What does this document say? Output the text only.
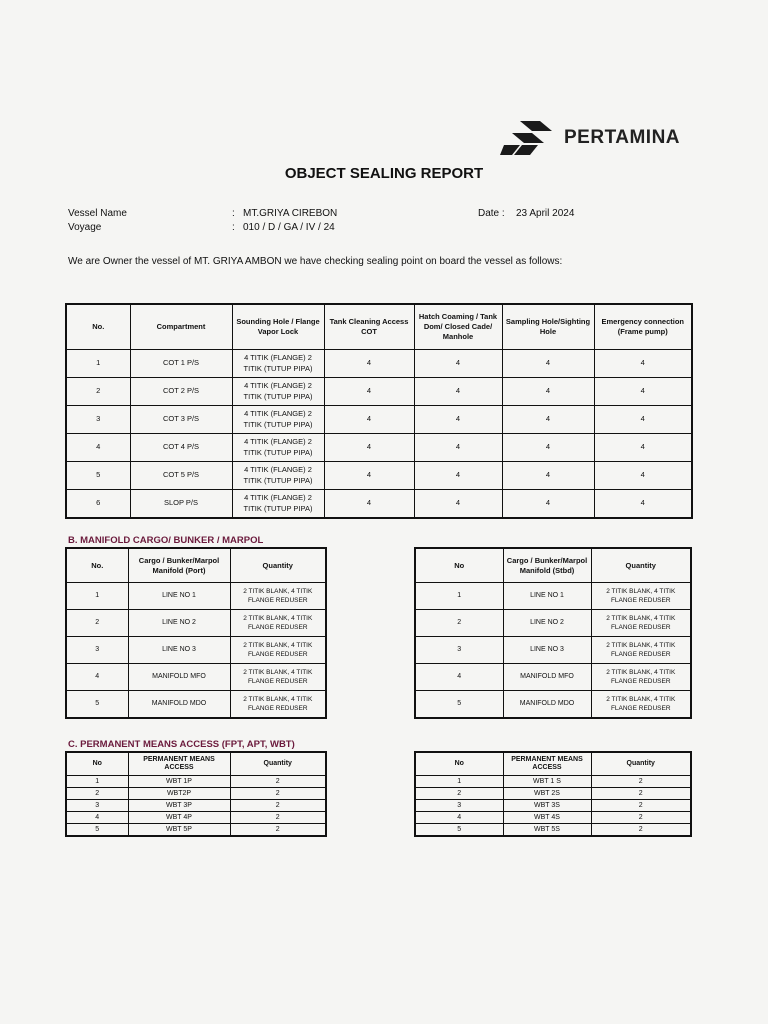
PERTAMINA
OBJECT SEALING REPORT
Vessel Name	: MT.GRIYA CIREBON
Voyage	: 010 / D / GA / IV / 24
Date : 23 April 2024
We are Owner the vessel of MT. GRIYA AMBON we have checking sealing point on board the vessel as follows:
No.	Compartment	Sounding Hole / Flange Vapor Lock	Tank Cleaning Access COT	Hatch Coaming / Tank Dom/ Closed Cade/ Manhole	Sampling Hole/Sighting Hole	Emergency connection (Frame pump)
1	COT 1 P/S	4 TITIK (FLANGE) 2 TITIK (TUTUP PIPA)	4	4	4	4
2	COT 2 P/S	4 TITIK (FLANGE) 2 TITIK (TUTUP PIPA)	4	4	4	4
3	COT 3 P/S	4 TITIK (FLANGE) 2 TITIK (TUTUP PIPA)	4	4	4	4
4	COT 4 P/S	4 TITIK (FLANGE) 2 TITIK (TUTUP PIPA)	4	4	4	4
5	COT 5 P/S	4 TITIK (FLANGE) 2 TITIK (TUTUP PIPA)	4	4	4	4
6	SLOP P/S	4 TITIK (FLANGE) 2 TITIK (TUTUP PIPA)	4	4	4	4
B. MANIFOLD CARGO/ BUNKER / MARPOL
No.	Cargo / Bunker/Marpol Manifold (Port)	Quantity
1	LINE NO 1	2 TITIK BLANK, 4 TITIK FLANGE REDUSER
2	LINE NO 2	2 TITIK BLANK, 4 TITIK FLANGE REDUSER
3	LINE NO 3	2 TITIK BLANK, 4 TITIK FLANGE REDUSER
4	MANIFOLD MFO	2 TITIK BLANK, 4 TITIK FLANGE REDUSER
5	MANIFOLD MDO	2 TITIK BLANK, 4 TITIK FLANGE REDUSER
No	Cargo / Bunker/Marpol Manifold (Stbd)	Quantity
1	LINE NO 1	2 TITIK BLANK, 4 TITIK FLANGE REDUSER
2	LINE NO 2	2 TITIK BLANK, 4 TITIK FLANGE REDUSER
3	LINE NO 3	2 TITIK BLANK, 4 TITIK FLANGE REDUSER
4	MANIFOLD MFO	2 TITIK BLANK, 4 TITIK FLANGE REDUSER
5	MANIFOLD MDO	2 TITIK BLANK, 4 TITIK FLANGE REDUSER
C. PERMANENT MEANS ACCESS (FPT, APT, WBT)
No	PERMANENT MEANS ACCESS	Quantity
1	WBT 1P	2
2	WBT2P	2
3	WBT 3P	2
4	WBT 4P	2
5	WBT 5P	2
No	PERMANENT MEANS ACCESS	Quantity
1	WBT 1 S	2
2	WBT 2S	2
3	WBT 3S	2
4	WBT 4S	2
5	WBT 5S	2
